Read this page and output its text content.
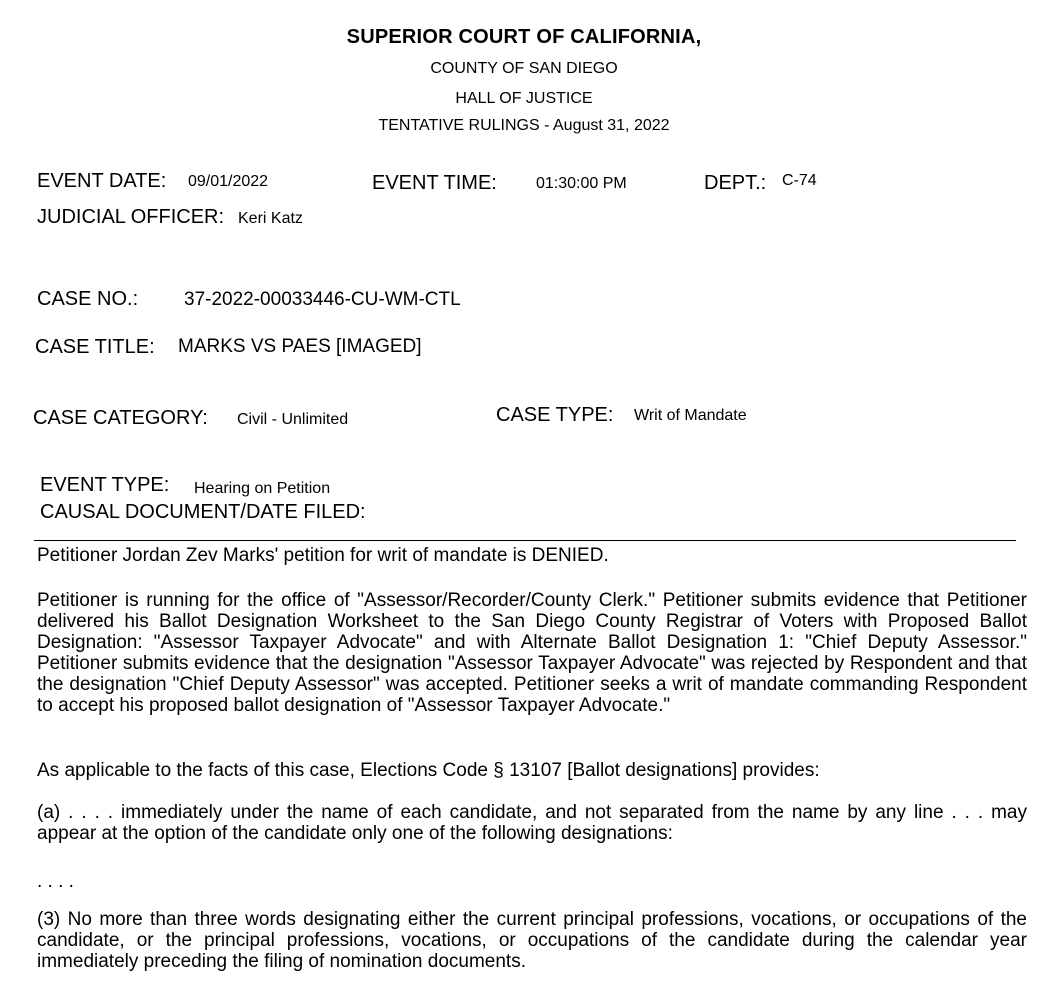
SUPERIOR COURT OF CALIFORNIA,
COUNTY OF SAN DIEGO
HALL OF JUSTICE
TENTATIVE RULINGS - August 31, 2022
EVENT DATE: 09/01/2022	EVENT TIME: 01:30:00 PM	DEPT.: C-74
JUDICIAL OFFICER: Keri Katz
CASE NO.: 37-2022-00033446-CU-WM-CTL
CASE TITLE: MARKS VS PAES [IMAGED]
CASE CATEGORY: Civil - Unlimited	CASE TYPE: Writ of Mandate
EVENT TYPE: Hearing on Petition
CAUSAL DOCUMENT/DATE FILED:
Petitioner Jordan Zev Marks' petition for writ of mandate is DENIED.
Petitioner is running for the office of "Assessor/Recorder/County Clerk." Petitioner submits evidence that Petitioner delivered his Ballot Designation Worksheet to the San Diego County Registrar of Voters with Proposed Ballot Designation: "Assessor Taxpayer Advocate" and with Alternate Ballot Designation 1: "Chief Deputy Assessor." Petitioner submits evidence that the designation "Assessor Taxpayer Advocate" was rejected by Respondent and that the designation "Chief Deputy Assessor" was accepted. Petitioner seeks a writ of mandate commanding Respondent to accept his proposed ballot designation of "Assessor Taxpayer Advocate."
As applicable to the facts of this case, Elections Code § 13107 [Ballot designations] provides:
(a) . . . . immediately under the name of each candidate, and not separated from the name by any line . . . may appear at the option of the candidate only one of the following designations:
. . . .
(3) No more than three words designating either the current principal professions, vocations, or occupations of the candidate, or the principal professions, vocations, or occupations of the candidate during the calendar year immediately preceding the filing of nomination documents.
